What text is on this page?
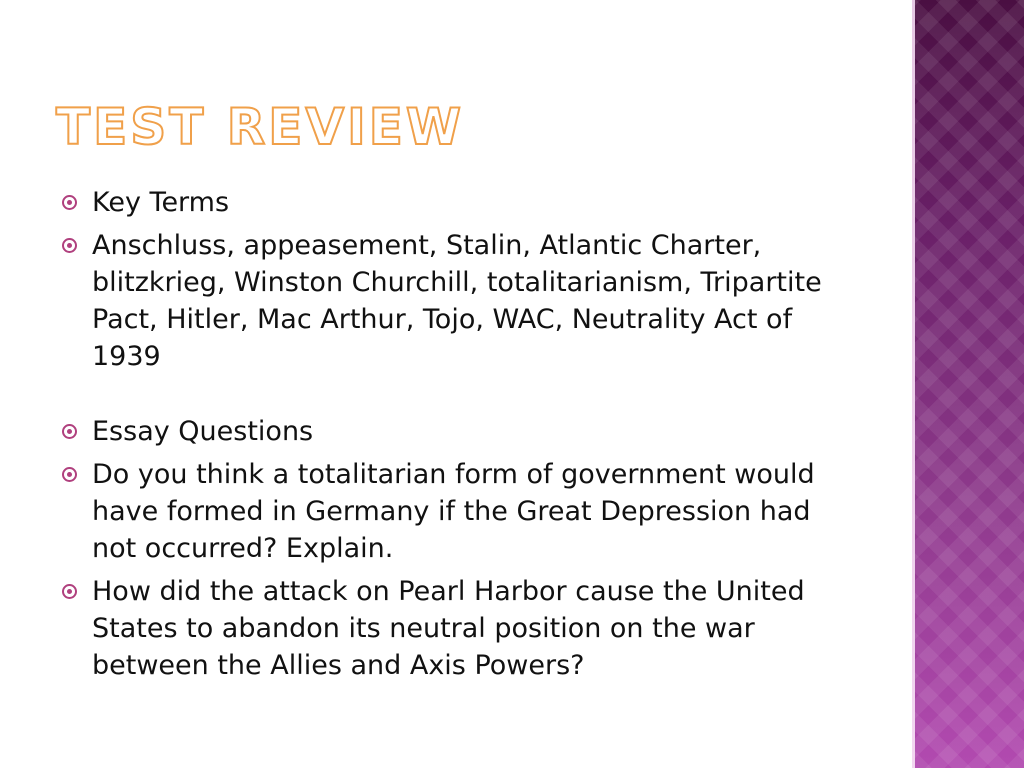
TEST REVIEW
Key Terms
Anschluss, appeasement, Stalin, Atlantic Charter, blitzkrieg, Winston Churchill, totalitarianism, Tripartite Pact, Hitler, Mac Arthur, Tojo, WAC, Neutrality Act of 1939
Essay Questions
Do you think a totalitarian form of government would have formed in Germany if the Great Depression had not occurred? Explain.
How did the attack on Pearl Harbor cause the United States to abandon its neutral position on the war between the Allies and Axis Powers?
